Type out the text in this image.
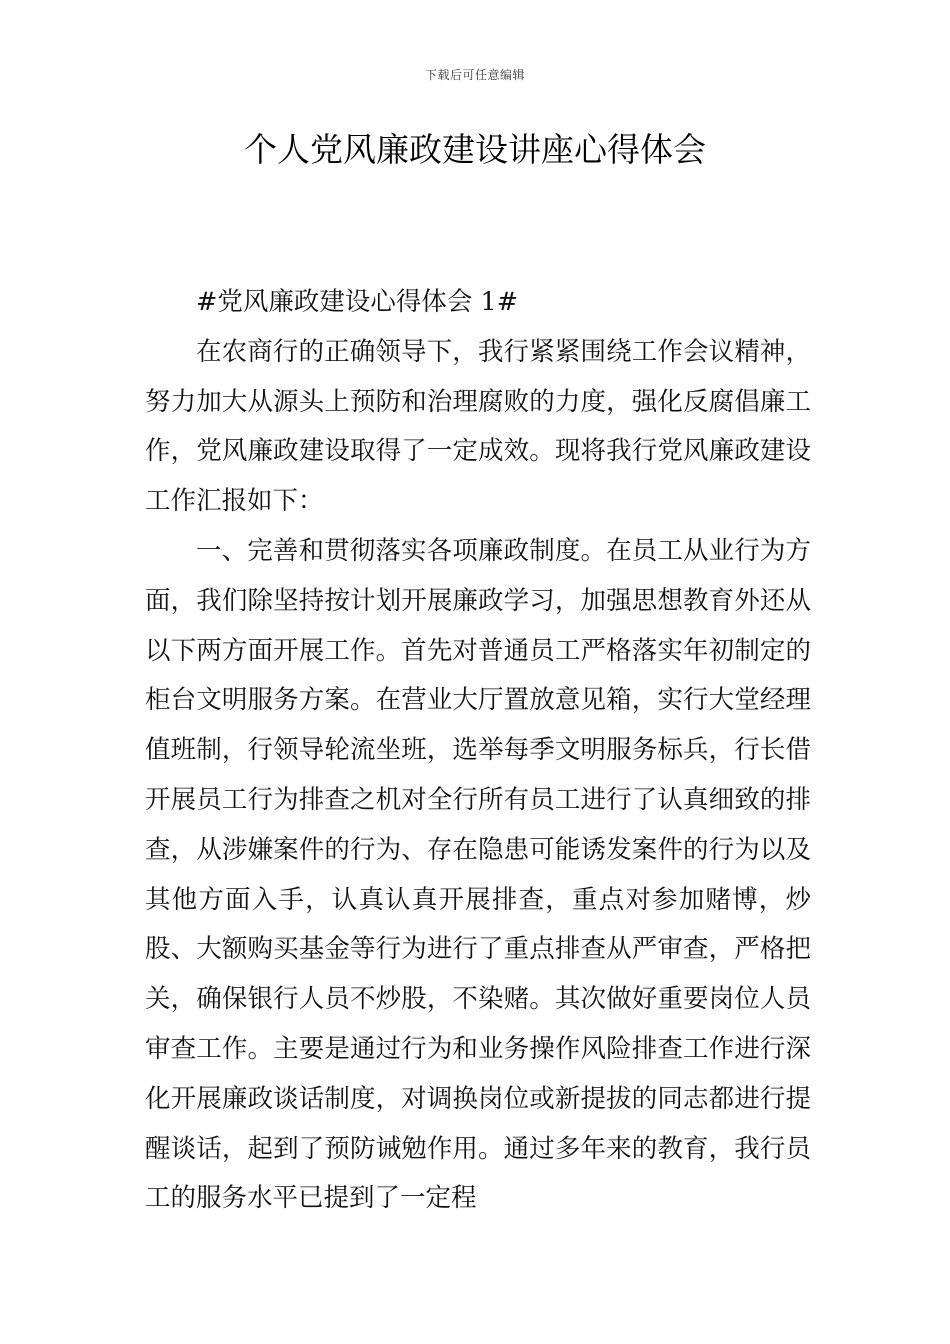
下载后可任意编辑
个人党风廉政建设讲座心得体会

#党风廉政建设心得体会 1#

在农商行的正确领导下，我行紧紧围绕工作会议精神，努力加大从源头上预防和治理腐败的力度，强化反腐倡廉工作，党风廉政建设取得了一定成效。现将我行党风廉政建设工作汇报如下：

一、完善和贯彻落实各项廉政制度。在员工从业行为方面，我们除坚持按计划开展廉政学习，加强思想教育外还从以下两方面开展工作。首先对普通员工严格落实年初制定的柜台文明服务方案。在营业大厅置放意见箱，实行大堂经理值班制，行领导轮流坐班，选举每季文明服务标兵，行长借开展员工行为排查之机对全行所有员工进行了认真细致的排查，从涉嫌案件的行为、存在隐患可能诱发案件的行为以及其他方面入手，认真认真开展排查，重点对参加赌博，炒股、大额购买基金等行为进行了重点排查从严审查，严格把关，确保银行人员不炒股，不染赌。其次做好重要岗位人员审查工作。主要是通过行为和业务操作风险排查工作进行深化开展廉政谈话制度，对调换岗位或新提拔的同志都进行提醒谈话，起到了预防诫勉作用。通过多年来的教育，我行员工的服务水平已提到了一定程
